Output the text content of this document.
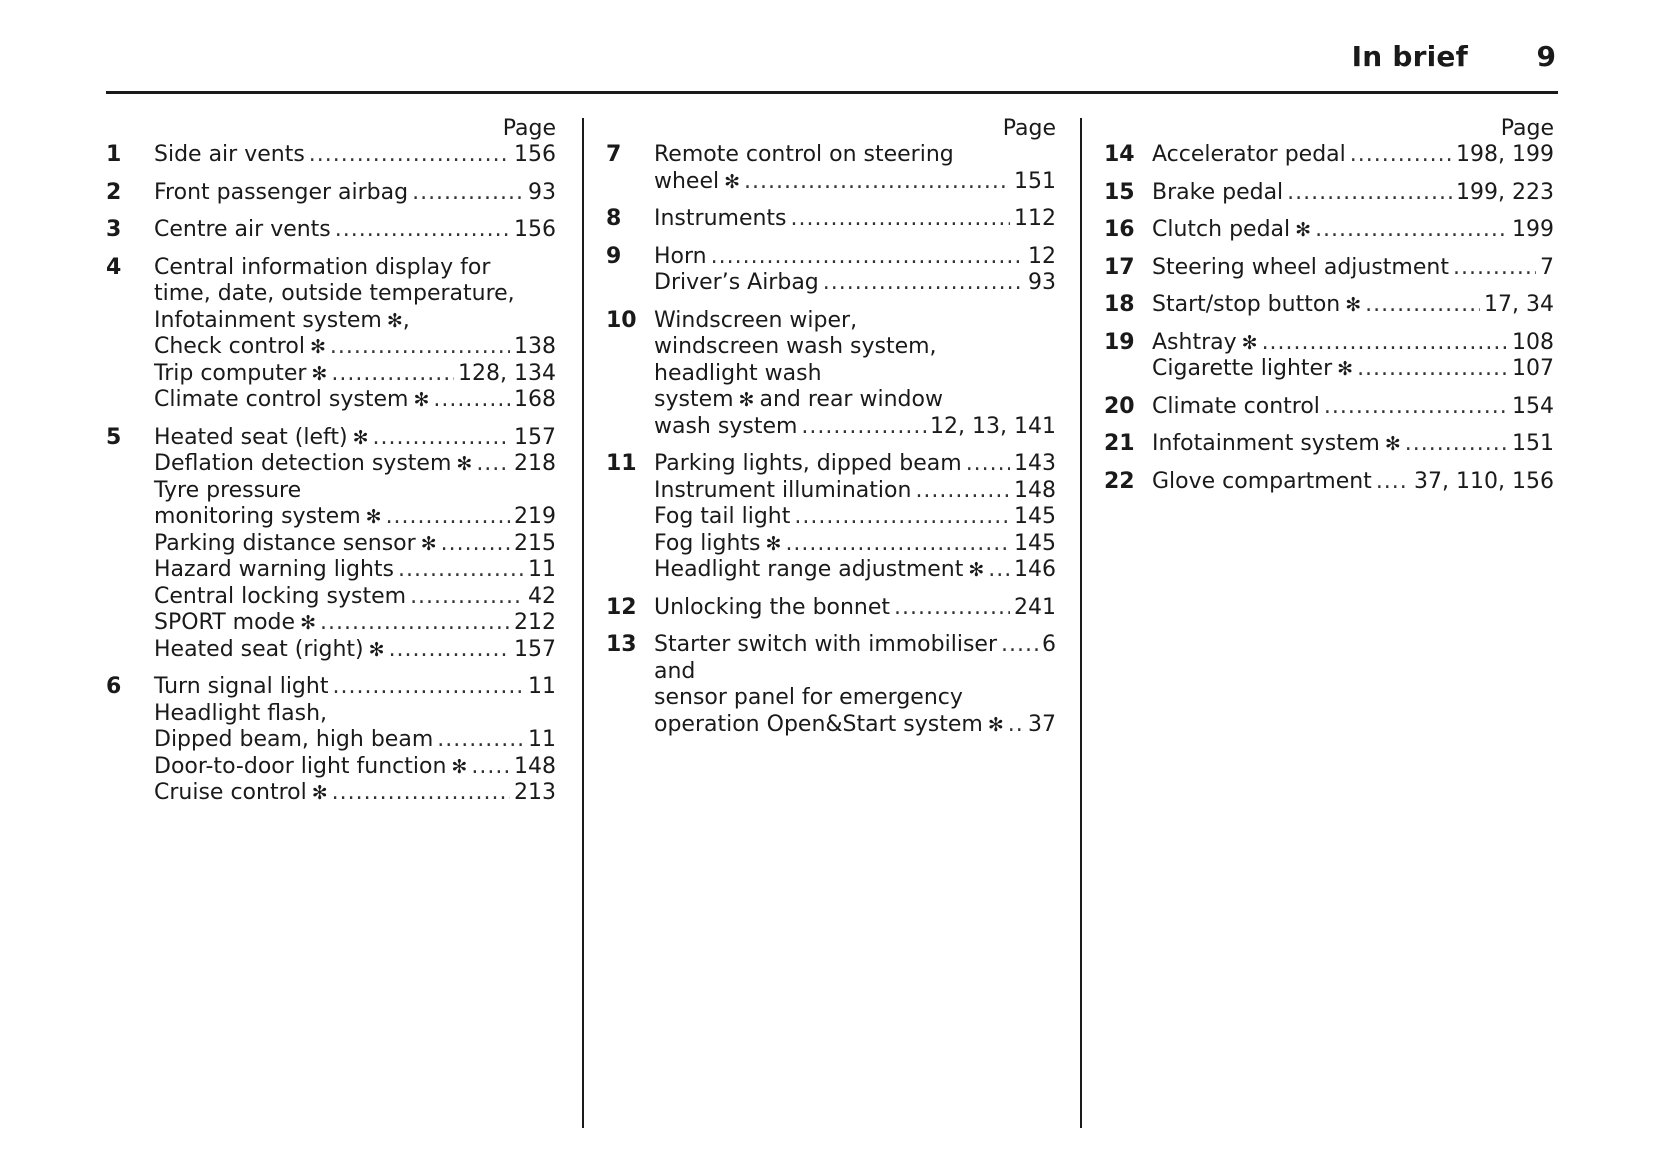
In brief 9
Page
1	Side air vents .....	156
2	Front passenger airbag .....	93
3	Centre air vents .....	156
4	Central information display for
time, date, outside temperature,
Infotainment system ✻ ,
Check control ✻ .....	138
Trip computer ✻ .....	128, 134
Climate control system ✻ .....	168
5	Heated seat (left) ✻ .....	157
Deflation detection system ✻ ..... 218
Tyre pressure
monitoring system ✻ .....	219
Parking distance sensor ✻ .....	215
Hazard warning lights .....	11
Central locking system .....	42
SPORT mode ✻ .....	212
Heated seat (right) ✻ .....	157
6	Turn signal light .....	11
Headlight flash,
Dipped beam, high beam .....	11
Door-to-door light function ✻ ..... 148
Cruise control ✻ .....	213
Page
7	Remote control on steering
wheel ✻ .....	151
8	Instruments .....	112
9	Horn .....	12
Driver’s Airbag .....	93
10 Windscreen wiper,
windscreen wash system,
headlight wash
system ✻ and rear window
wash system .....	12, 13, 141
11 Parking lights, dipped beam ..... 143
Instrument illumination .....	148
Fog tail light .....	145
Fog lights ✻ .....	145
Headlight range adjustment ✻ ..... 146
12 Unlocking the bonnet .....	241
13 Starter switch with immobiliser ..... 6
and
sensor panel for emergency
operation Open&Start system ✻ ..... 37
Page
14 Accelerator pedal .....	198, 199
15 Brake pedal .....	199, 223
16 Clutch pedal ✻ .....	199
17 Steering wheel adjustment .....	7
18 Start/stop button ✻ .....	17, 34
19 Ashtray ✻ .....	108
Cigarette lighter ✻ .....	107
20 Climate control .....	154
21 Infotainment system ✻ .....	151
22 Glove compartment ..... 37, 110, 156
